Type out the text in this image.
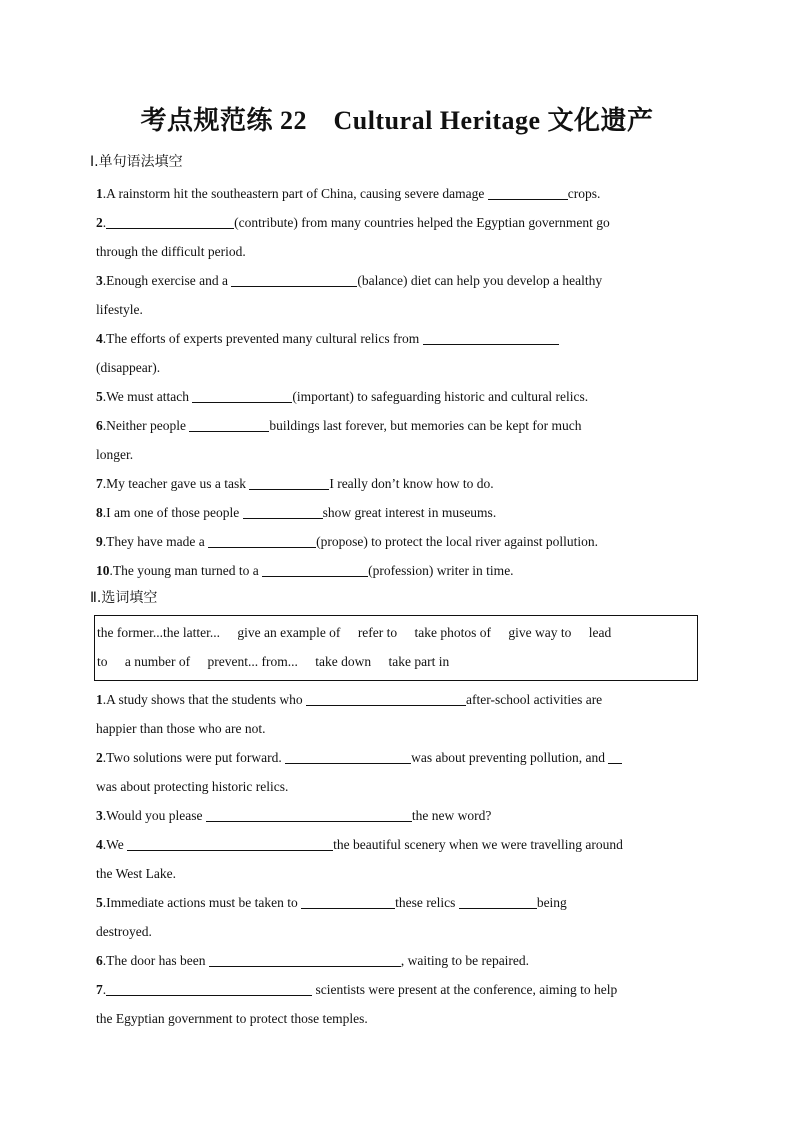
考点规范练 22　Cultural Heritage 文化遗产
Ⅰ.单句语法填空
1.A rainstorm hit the southeastern part of China, causing severe damage	crops.
2.	(contribute) from many countries helped the Egyptian government go
through the difficult period.
3.Enough exercise and a	(balance) diet can help you develop a healthy
lifestyle.
4.The efforts of experts prevented many cultural relics from
(disappear).
5.We must attach	(important) to safeguarding historic and cultural relics.
6.Neither people	buildings last forever, but memories can be kept for much
longer.
7.My teacher gave us a task	I really don’t know how to do.
8.I am one of those people	show great interest in museums.
9.They have made a	(propose) to protect the local river against pollution.
10.The young man turned to a	(profession) writer in time.
Ⅱ.选词填空
the former...the latter... give an example of refer to take photos of give way to lead
to a number of prevent... from... take down take part in
1.A study shows that the students who	after-school activities are
happier than those who are not.
2.Two solutions were put forward.	was about preventing pollution, and
was about protecting historic relics.
3.Would you please	the new word?
4.We	the beautiful scenery when we were travelling around
the West Lake.
5.Immediate actions must be taken to	these relics	being
destroyed.
6.The door has been	, waiting to be repaired.
7.	scientists were present at the conference, aiming to help
the Egyptian government to protect those temples.
